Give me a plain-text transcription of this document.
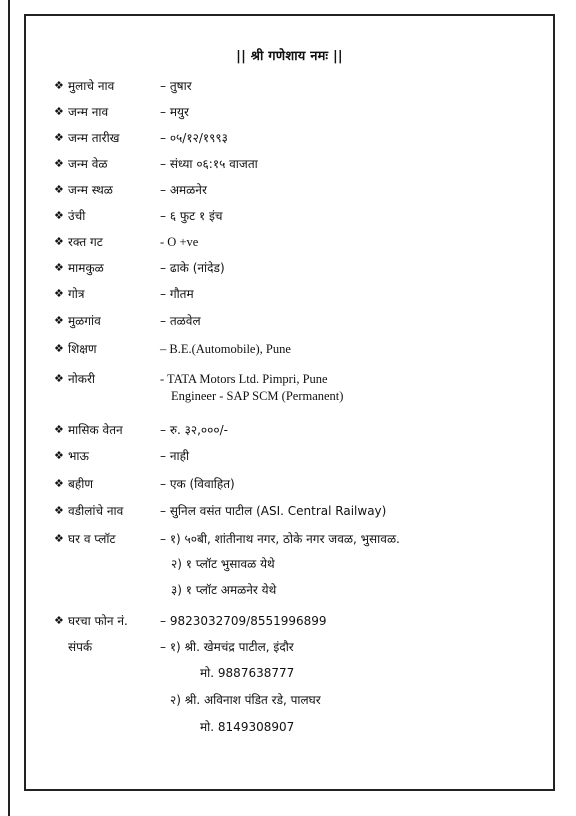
|| श्री गणेशाय नमः ||
❖ मुलाचे नाव	– तुषार
❖ जन्म नाव	– मयुर
❖ जन्म तारीख	– ०५/१२/१९९३
❖ जन्म वेळ	– संध्या ०६:१५ वाजता
❖ जन्म स्थळ	– अमळनेर
❖ उंची	– ६ फुट १ इंच
❖ रक्त गट	- O +ve
❖ मामकुळ	– ढाके (नांदेड)
❖ गोत्र	– गौतम
❖ मुळगांव	– तळवेल
❖ शिक्षण	– B.E.(Automobile), Pune
❖ नोकरी	- TATA Motors Ltd. Pimpri, Pune
Engineer - SAP SCM (Permanent)
❖ मासिक वेतन	– रु. ३२,०००/-
❖ भाऊ	– नाही
❖ बहीण	– एक (विवाहित)
❖ वडीलांचे नाव	– सुनिल वसंत पाटील (ASI. Central Railway)
❖ घर व प्लॉट	– १) ५०बी, शांतीनाथ नगर, ठोके नगर जवळ, भुसावळ.
२) १ प्लॉट भुसावळ येथे
३) १ प्लॉट अमळनेर येथे
❖ घरचा फोन नं.	– 9823032709/8551996899
संपर्क	– १) श्री. खेमचंद्र पाटील, इंदौर
मो. 9887638777
२) श्री. अविनाश पंडित रडे, पालघर
मो. 8149308907
